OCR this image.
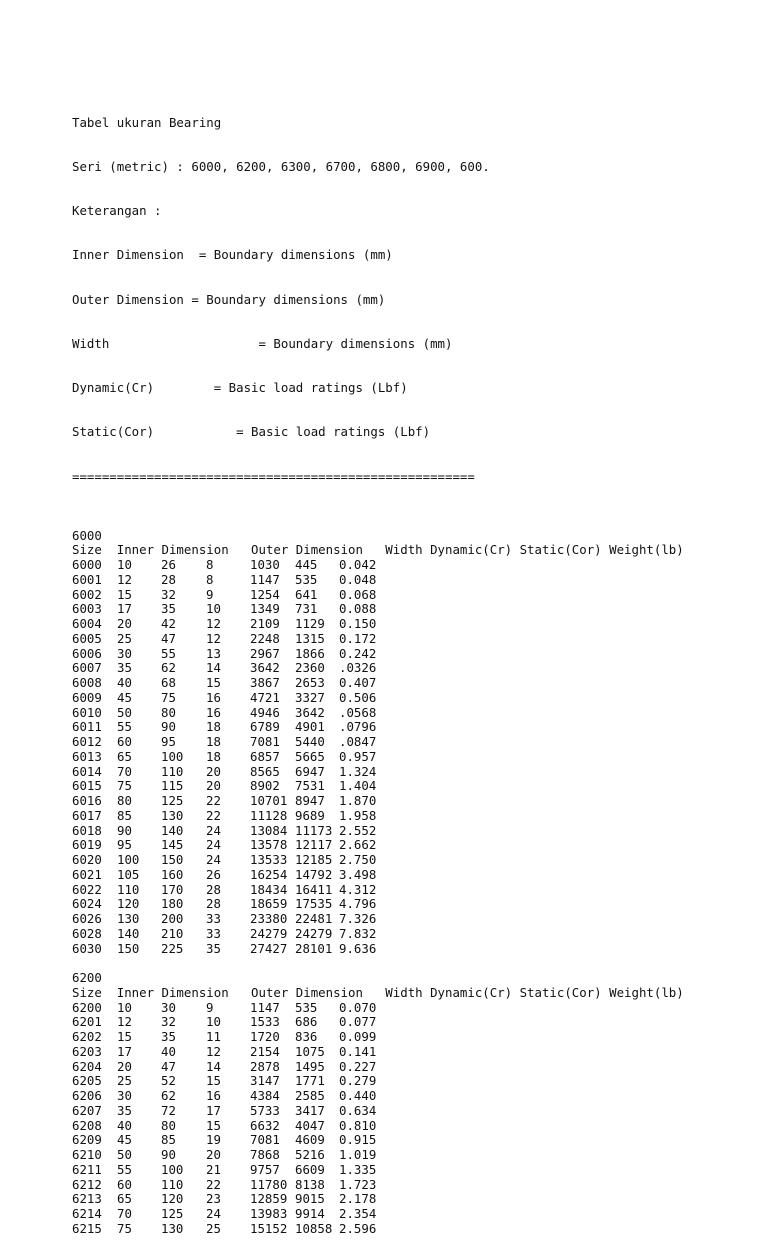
Tabel ukuran Bearing

Seri (metric) : 6000, 6200, 6300, 6700, 6800, 6900, 600.

Keterangan :

Inner Dimension  = Boundary dimensions (mm)

Outer Dimension = Boundary dimensions (mm)

Width                    = Boundary dimensions (mm)

Dynamic(Cr)        = Basic load ratings (Lbf)

Static(Cor)           = Basic load ratings (Lbf)

======================================================

6000
Size  Inner Dimension   Outer Dimension   Width Dynamic(Cr) Static(Cor) Weight(lb)
6000 10 26 8	1030 445 0.042
6001 12 28 8	1147 535 0.048
6002 15 32 9	1254 641 0.068
6003 17 35 10 1349 731 0.088
6004 20 42 12 2109 1129 0.150
6005 25 47 12 2248 1315 0.172
6006 30 55 13 2967 1866 0.242
6007 35 62 14 3642 2360 .0326
6008 40 68 15 3867 2653 0.407
6009 45 75 16 4721 3327 0.506
6010 50 80 16 4946 3642 .0568
6011 55 90 18 6789 4901 .0796
6012 60 95 18 7081 5440 .0847
6013 65 100 18 6857 5665 0.957
6014 70 110 20 8565 6947 1.324
6015 75 115 20 8902 7531 1.404
6016 80 125 22 10701 8947 1.870
6017 85 130 22 11128 9689 1.958
6018 90 140 24 13084 11173 2.552
6019 95 145 24 13578 12117 2.662
6020 100 150 24 13533 12185 2.750
6021 105 160 26 16254 14792 3.498
6022 110 170 28 18434 16411 4.312
6024 120 180 28 18659 17535 4.796
6026 130 200 33 23380 22481 7.326
6028 140 210 33 24279 24279 7.832
6030 150 225 35 27427 28101 9.636
6200
Size  Inner Dimension   Outer Dimension   Width Dynamic(Cr) Static(Cor) Weight(lb)
6200 10 30 9	1147 535 0.070
6201 12 32 10 1533 686 0.077
6202 15 35 11 1720 836 0.099
6203 17 40 12 2154 1075 0.141
6204 20 47 14 2878 1495 0.227
6205 25 52 15 3147 1771 0.279
6206 30 62 16 4384 2585 0.440
6207 35 72 17 5733 3417 0.634
6208 40 80 15 6632 4047 0.810
6209 45 85 19 7081 4609 0.915
6210 50 90 20 7868 5216 1.019
6211 55 100 21 9757 6609 1.335
6212 60 110 22 11780 8138 1.723
6213 65 120 23 12859 9015 2.178
6214 70 125 24 13983 9914 2.354
6215 75 130 25 15152 10858 2.596
